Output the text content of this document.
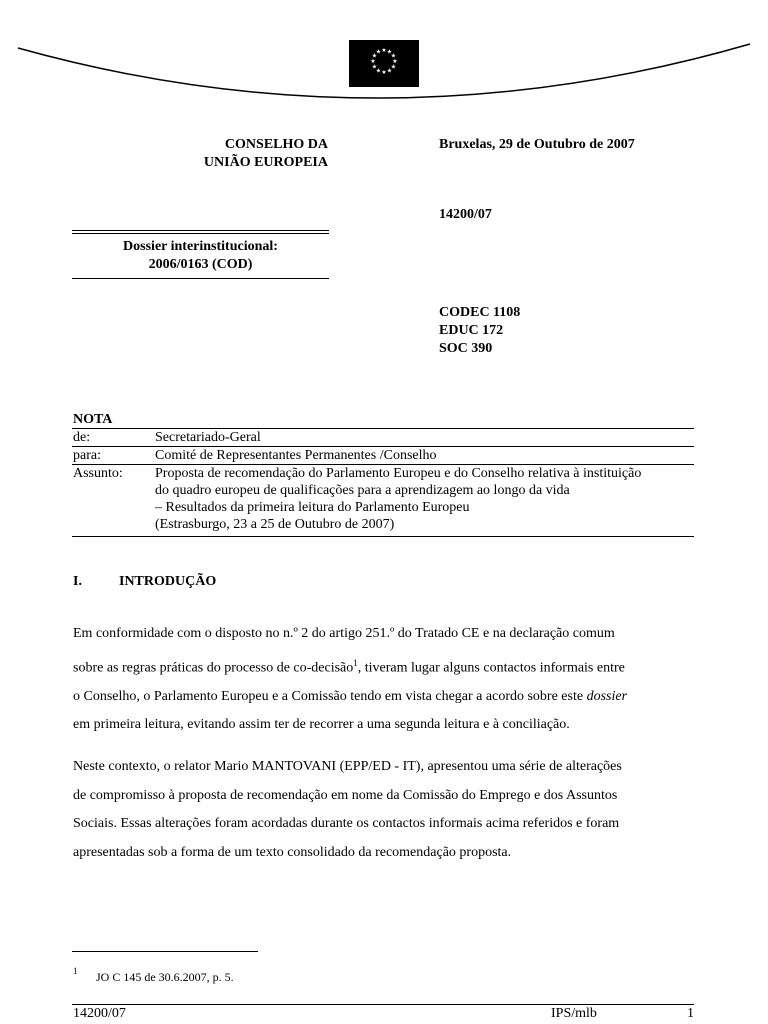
★ ★
★
★
★
★
★
★
★
★
★
★
CONSELHO DA
UNIÃO EUROPEIA
Bruxelas, 29 de Outubro de 2007
14200/07
Dossier interinstitucional:
2006/0163 (COD)
CODEC 1108
EDUC 172
SOC 390
NOTA
de:	Secretariado-Geral
para:	Comité de Representantes Permanentes /Conselho
Assunto: Proposta de recomendação do Parlamento Europeu e do Conselho relativa à instituição
do quadro europeu de qualificações para a aprendizagem ao longo da vida
– Resultados da primeira leitura do Parlamento Europeu
(Estrasburgo, 23 a 25 de Outubro de 2007)
I.	INTRODUÇÃO
Em conformidade com o disposto no n.º 2 do artigo 251.º do Tratado CE e na declaração comum
sobre as regras práticas do processo de co-decisão$^1$, tiveram lugar alguns contactos informais entre
o Conselho, o Parlamento Europeu e a Comissão tendo em vista chegar a acordo sobre este dossier
em primeira leitura, evitando assim ter de recorrer a uma segunda leitura e à conciliação.
Neste contexto, o relator Mario MANTOVANI (EPP/ED - IT), apresentou uma série de alterações
de compromisso à proposta de recomendação em nome da Comissão do Emprego e dos Assuntos
Sociais. Essas alterações foram acordadas durante os contactos informais acima referidos e foram
apresentadas sob a forma de um texto consolidado da recomendação proposta.
1 JO C 145 de 30.6.2007, p. 5.
14200/07	IPS/mlb	1
